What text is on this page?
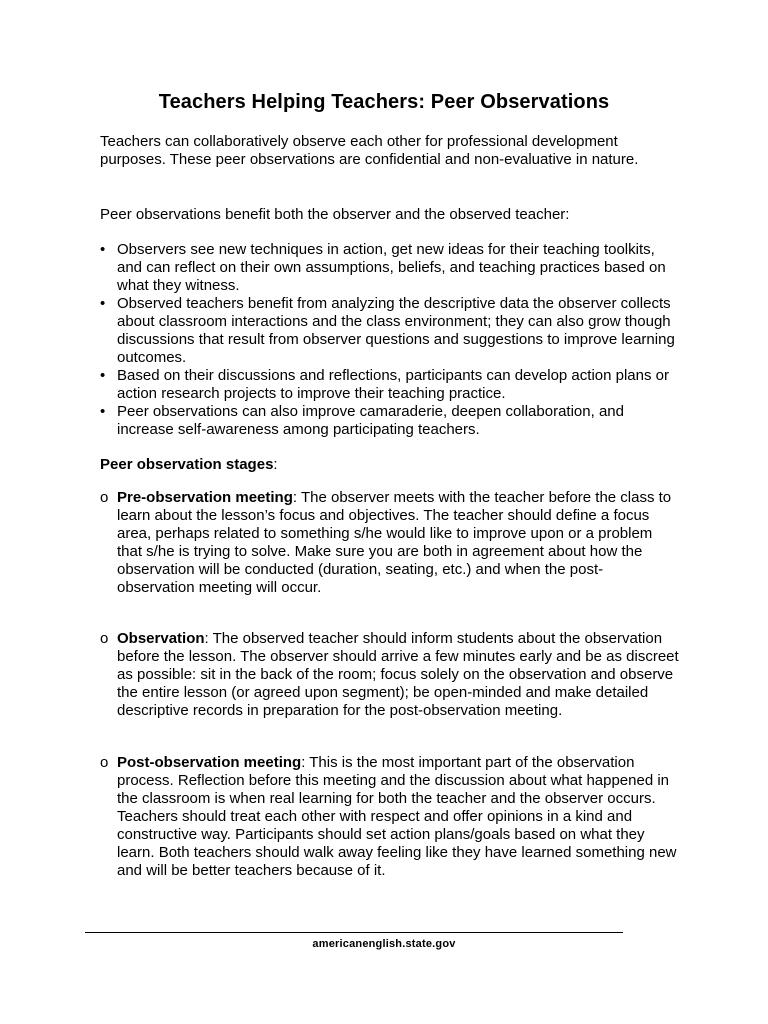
Teachers Helping Teachers: Peer Observations

Teachers can collaboratively observe each other for professional development purposes. These peer observations are confidential and non-evaluative in nature.

Peer observations benefit both the observer and the observed teacher:

• Observers see new techniques in action, get new ideas for their teaching toolkits, and can reflect on their own assumptions, beliefs, and teaching practices based on what they witness.
• Observed teachers benefit from analyzing the descriptive data the observer collects about classroom interactions and the class environment; they can also grow though discussions that result from observer questions and suggestions to improve learning outcomes.
• Based on their discussions and reflections, participants can develop action plans or action research projects to improve their teaching practice.
• Peer observations can also improve camaraderie, deepen collaboration, and increase self-awareness among participating teachers.

Peer observation stages:

o Pre-observation meeting: The observer meets with the teacher before the class to learn about the lesson’s focus and objectives. The teacher should define a focus area, perhaps related to something s/he would like to improve upon or a problem that s/he is trying to solve. Make sure you are both in agreement about how the observation will be conducted (duration, seating, etc.) and when the post-observation meeting will occur.

o Observation: The observed teacher should inform students about the observation before the lesson. The observer should arrive a few minutes early and be as discreet as possible: sit in the back of the room; focus solely on the observation and observe the entire lesson (or agreed upon segment); be open-minded and make detailed descriptive records in preparation for the post-observation meeting.

o Post-observation meeting: This is the most important part of the observation process. Reflection before this meeting and the discussion about what happened in the classroom is when real learning for both the teacher and the observer occurs. Teachers should treat each other with respect and offer opinions in a kind and constructive way. Participants should set action plans/goals based on what they learn. Both teachers should walk away feeling like they have learned something new and will be better teachers because of it.

americanenglish.state.gov
